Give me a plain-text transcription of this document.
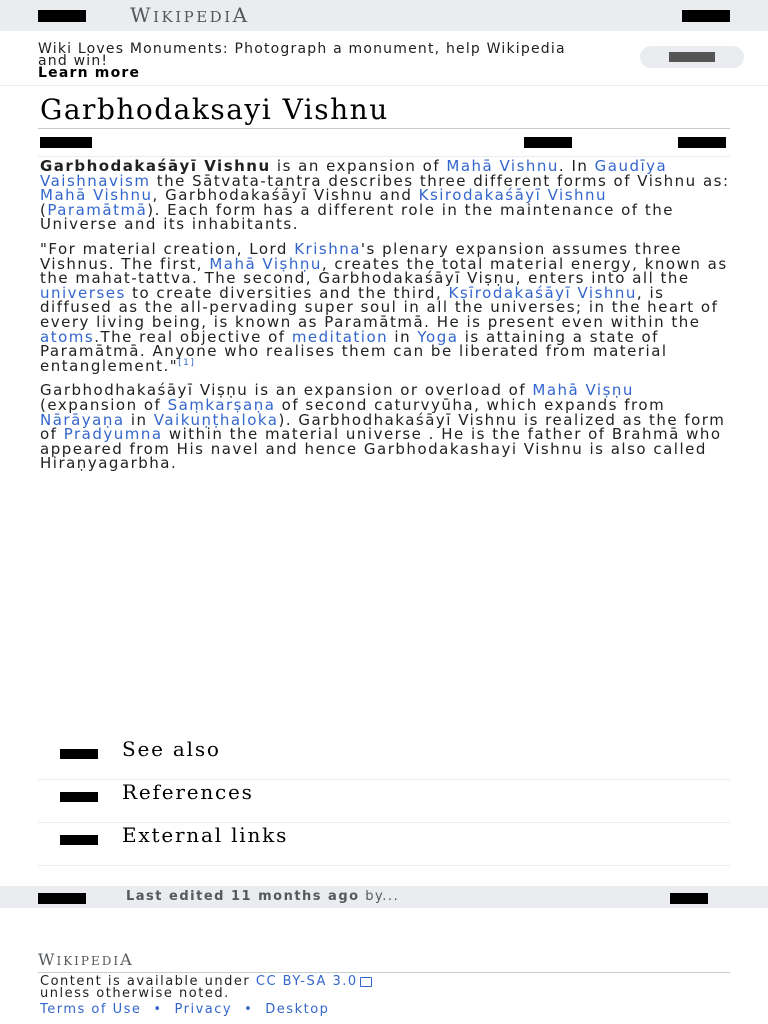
WIKIPEDIA
Wiki Loves Monuments: Photograph a monument, help Wikipedia and win!
Learn more
Garbhodaksayi Vishnu

Garbhodakaśāyī Vishnu is an expansion of Mahā Vishnu. In Gaudīya Vaishnavism the Sātvata-tantra describes three different forms of Vishnu as: Mahā Vishnu, Garbhodakaśāyī Vishnu and Ksirodakaśāyī Vishnu (Paramātmā). Each form has a different role in the maintenance of the Universe and its inhabitants.

"For material creation, Lord Krishna's plenary expansion assumes three Vishnus. The first, Mahā Viṣhṇu, creates the total material energy, known as the mahat-tattva. The second, Garbhodakaśāyī Viṣṇu, enters into all the universes to create diversities and the third, Kṣīrodakaśāyī Vishnu, is diffused as the all-pervading super soul in all the universes; in the heart of every living being, is known as Paramātmā. He is present even within the atoms.The real objective of meditation in Yoga is attaining a state of Paramātmā. Anyone who realises them can be liberated from material entanglement."[1]

Garbhodhakaśāyī Viṣṇu is an expansion or overload of Mahā Viṣṇu (expansion of Saṃkarṣaṇa of second caturvyūha, which expands from Nārāyaṇa in Vaikuṇṭhaloka). Garbhodhakaśāyī Vishnu is realized as the form of Pradyumna within the material universe . He is the father of Brahmā who appeared from His navel and hence Garbhodakashayi Vishnu is also called Hiraṇyagarbha.

See also
References
External links
Last edited 11 months ago by...
WIKIPEDIA
Content is available under CC BY-SA 3.0
unless otherwise noted.
Terms of Use • Privacy • Desktop
